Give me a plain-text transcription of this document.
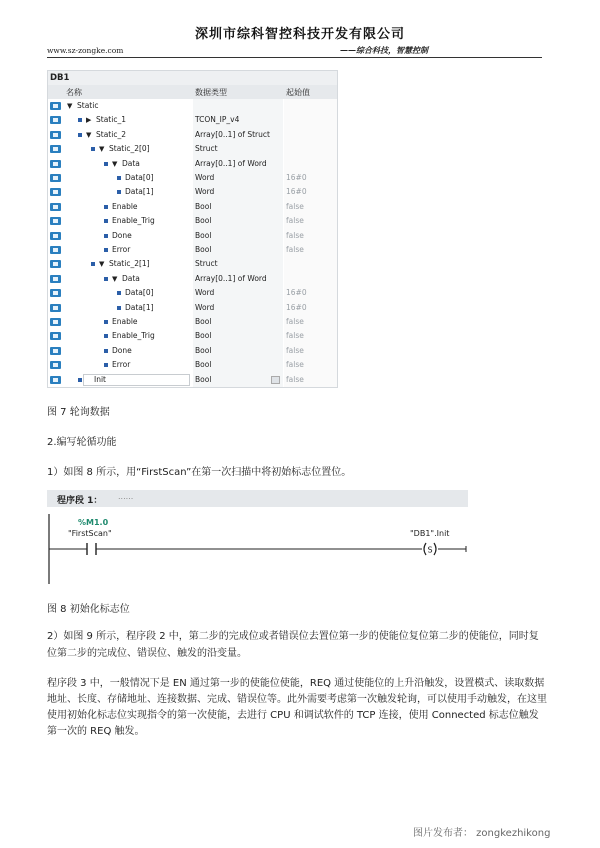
深圳市综科智控科技开发有限公司
www.sz-zongke.com	——综合科技，智慧控制
DB1
名称	数据类型	起始值
▼ Static
▶ Static_1	TCON_IP_v4
▼ Static_2	Array[0..1] of Struct
▼ Static_2[0]	Struct
▼ Data	Array[0..1] of Word
Data[0]	Word	16#0
Data[1]	Word	16#0
Enable	Bool	false
Enable_Trig	Bool	false
Done	Bool	false
Error	Bool	false
▼ Static_2[1]	Struct
▼ Data	Array[0..1] of Word
Data[0]	Word	16#0
Data[1]	Word	16#0
Enable	Bool	false
Enable_Trig	Bool	false
Done	Bool	false
Error	Bool	false
Init	Bool	false
图 7 轮询数据
2.编写轮循功能
1）如图 8 所示，用“FirstScan”在第一次扫描中将初始标志位置位。
程序段 1： ......
S
%M1.0
"FirstScan"	"DB1".Init
图 8 初始化标志位
2）如图 9 所示，程序段 2 中，第二步的完成位或者错误位去置位第一步的使能位复位第二步的使能位，同时复位第二步的完成位、错误位、触发的沿变量。
程序段 3 中，一般情况下是 EN 通过第一步的使能位使能，REQ 通过使能位的上升沿触发，设置模式、读取数据地址、长度、存储地址、连接数据、完成、错误位等。此外需要考虑第一次触发轮询，可以使用手动触发，在这里使用初始化标志位实现指令的第一次使能，去进行 CPU 和调试软件的 TCP 连接，使用 Connected 标志位触发第一次的 REQ 触发。
图片发布者： zongkezhikong
